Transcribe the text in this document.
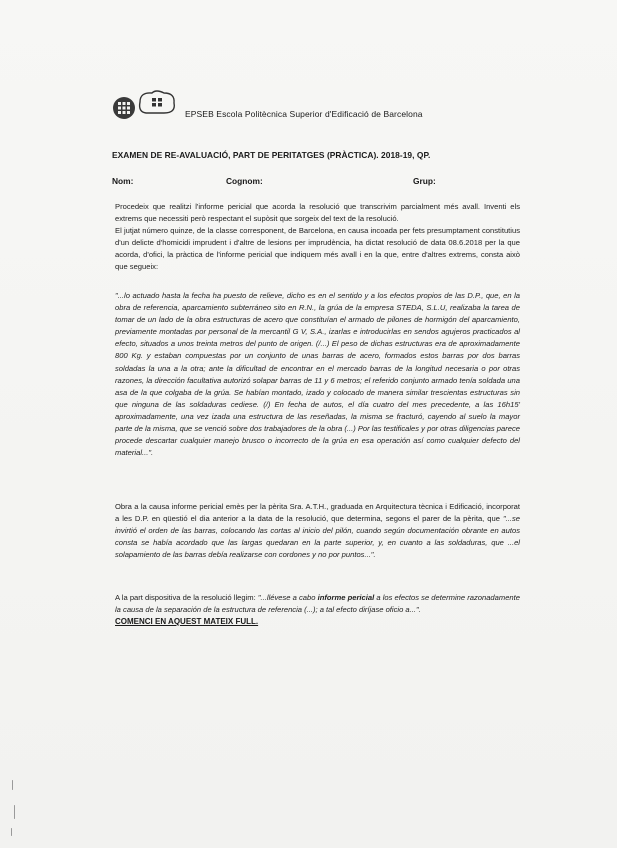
EPSEB Escola Politècnica Superior d'Edificació de Barcelona
EXAMEN DE RE-AVALUACIÓ, PART DE PERITATGES (PRÀCTICA). 2018-19, QP.
Nom:	Cognom:	Grup:

Procedeix que realitzi l'informe pericial que acorda la resolució que transcrivim parcialment més avall. Inventi els extrems que necessiti però respectant el supòsit que sorgeix del text de la resolució.

El jutjat número quinze, de la classe corresponent, de Barcelona, en causa incoada per fets presumptament constitutius d'un delicte d'homicidi imprudent i d'altre de lesions per imprudència, ha dictat resolució de data 08.6.2018 per la que acorda, d'ofici, la pràctica de l'informe pericial que indiquem més avall i en la que, entre d'altres extrems, consta això que segueix:

"...lo actuado hasta la fecha ha puesto de relieve, dicho es en el sentido y a los efectos propios de las D.P., que, en la obra de referencia, aparcamiento subterráneo sito en R.N., la grúa de la empresa STEDA, S.L.U, realizaba la tarea de tomar de un lado de la obra estructuras de acero que constituían el armado de pilones de hormigón del aparcamiento, previamente montadas por personal de la mercantil G V, S.A., izarlas e introducirlas en sendos agujeros practicados al efecto, situados a unos treinta metros del punto de origen. (/...) El peso de dichas estructuras era de aproximadamente 800 Kg. y estaban compuestas por un conjunto de unas barras de acero, formados estos barras por dos barras soldadas la una a la otra; ante la dificultad de encontrar en el mercado barras de la longitud necesaria o por otras razones, la dirección facultativa autorizó solapar barras de 11 y 6 metros; el referido conjunto armado tenía soldada una asa de la que colgaba de la grúa. Se habían montado, izado y colocado de manera similar trescientas estructuras sin que ninguna de las soldaduras cediese. (/) En fecha de autos, el día cuatro del mes precedente, a las 16h15' aproximadamente, una vez izada una estructura de las reseñadas, la misma se fracturó, cayendo al suelo la mayor parte de la misma, que se venció sobre dos trabajadores de la obra (...) Por las testificales y por otras diligencias parece procede descartar cualquier manejo brusco o incorrecto de la grúa en esa operación así como cualquier defecto del material...".

Obra a la causa informe pericial emès per la pèrita Sra. A.T.H., graduada en Arquitectura tècnica i Edificació, incorporat a les D.P. en qüestió el dia anterior a la data de la resolució, que determina, segons el parer de la pèrita, que "...se invirtió el orden de las barras, colocando las cortas al inicio del pilón, cuando según documentación obrante en autos consta se había acordado que las largas quedaran en la parte superior, y, en cuanto a las soldaduras, que ...el solapamiento de las barras debía realizarse con cordones y no por puntos...".

A la part dispositiva de la resolució llegim: "...llévese a cabo informe pericial a los efectos se determine razonadamente la causa de la separación de la estructura de referencia (...); a tal efecto diríjase oficio a...".

COMENCI EN AQUEST MATEIX FULL.
